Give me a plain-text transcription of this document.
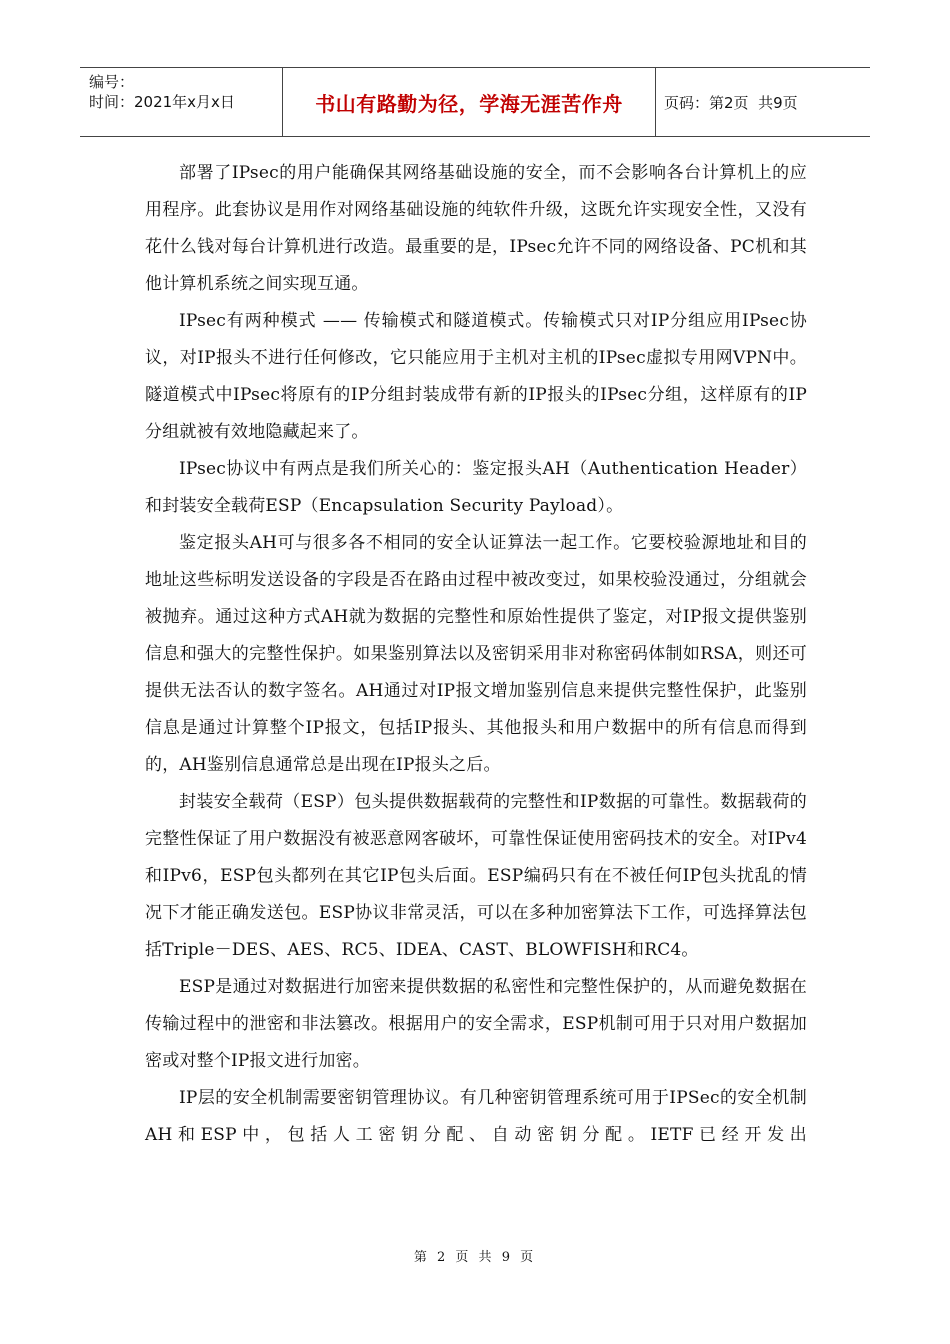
编号：
时间：2021年x月x日	书山有路勤为径，学海无涯苦作舟	页码：第2页  共9页

部署了IPsec的用户能确保其网络基础设施的安全，而不会影响各台计算机上的应用程序。此套协议是用作对网络基础设施的纯软件升级，这既允许实现安全性，又没有花什么钱对每台计算机进行改造。最重要的是，IPsec允许不同的网络设备、PC机和其他计算机系统之间实现互通。

IPsec有两种模式 —— 传输模式和隧道模式。传输模式只对IP分组应用IPsec协议，对IP报头不进行任何修改，它只能应用于主机对主机的IPsec虚拟专用网VPN中。隧道模式中IPsec将原有的IP分组封装成带有新的IP报头的IPsec分组，这样原有的IP分组就被有效地隐藏起来了。

IPsec协议中有两点是我们所关心的：鉴定报头AH（Authentication Header）和封装安全载荷ESP（Encapsulation Security Payload）。

鉴定报头AH可与很多各不相同的安全认证算法一起工作。它要校验源地址和目的地址这些标明发送设备的字段是否在路由过程中被改变过，如果校验没通过，分组就会被抛弃。通过这种方式AH就为数据的完整性和原始性提供了鉴定，对IP报文提供鉴别信息和强大的完整性保护。如果鉴别算法以及密钥采用非对称密码体制如RSA，则还可提供无法否认的数字签名。AH通过对IP报文增加鉴别信息来提供完整性保护，此鉴别信息是通过计算整个IP报文，包括IP报头、其他报头和用户数据中的所有信息而得到的，AH鉴别信息通常总是出现在IP报头之后。

封装安全载荷（ESP）包头提供数据载荷的完整性和IP数据的可靠性。数据载荷的完整性保证了用户数据没有被恶意网客破坏，可靠性保证使用密码技术的安全。对IPv4和IPv6，ESP包头都列在其它IP包头后面。ESP编码只有在不被任何IP包头扰乱的情况下才能正确发送包。ESP协议非常灵活，可以在多种加密算法下工作，可选择算法包括Triple－DES、AES、RC5、IDEA、CAST、BLOWFISH和RC4。

ESP是通过对数据进行加密来提供数据的私密性和完整性保护的，从而避免数据在传输过程中的泄密和非法篡改。根据用户的安全需求，ESP机制可用于只对用户数据加密或对整个IP报文进行加密。

IP层的安全机制需要密钥管理协议。有几种密钥管理系统可用于IPSec的安全机制AH和ESP中，包括人工密钥分配、自动密钥分配。IETF已经开发出

第 2 页 共 9 页
